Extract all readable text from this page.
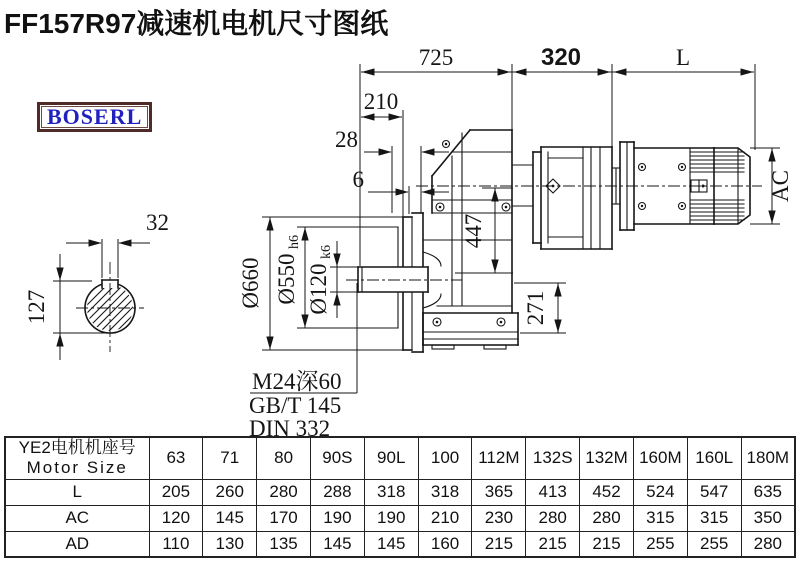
FF157R97减速机电机尺寸图纸
BOSERL
32
127
725	320	L
210
28
6
Ø660 Ø550
h6
Ø120
k6
447
271
AC
M24深60
GB/T 145
DIN 332
YE2电机机座号
Motor Size	63	71	80	90S	90L	100	112M	132S	132M	160M	160L	180M
L	205	260	280	288	318	318	365	413	452	524	547	635
AC	120	145	170	190	190	210	230	280	280	315	315	350
AD	110	130	135	145	145	160	215	215	215	255	255	280
